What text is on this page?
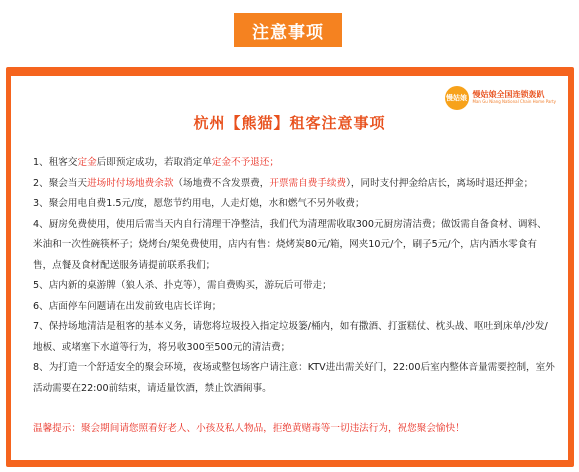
注意事项
慢姑娘 慢姑娘全国连锁轰趴
Man Gu Niang National Chain Home Party
杭州【熊猫】租客注意事项

1、租客交定金后即预定成功，若取消定单定金不予退还；

2、聚会当天进场时付场地费余款（场地费不含发票费，开票需自费手续费），同时支付押金给店长，离场时退还押金；

3、聚会用电自费1.5元/度，愿您节约用电，人走灯熄，水和燃气不另外收费；

4、厨房免费使用，使用后需当天内自行清理干净整洁，我们代为清理需收取300元厨房清洁费；做饭需自备食材、调料、米油和一次性碗筷杯子；烧烤台/架免费使用，店内有售：烧烤炭80元/箱，网夹10元/个，刷子5元/个，店内酒水零食有售，点餐及食材配送服务请提前联系我们；

5、店内新的桌游牌（狼人杀、扑克等），需自费购买，游玩后可带走；

6、店面停车问题请在出发前致电店长详询；

7、保持场地清洁是租客的基本义务，请您将垃圾投入指定垃圾篓/桶内，如有撒酒、打蛋糕仗、枕头战、呕吐到床单/沙发/地板、或堵塞下水道等行为，将另收300至500元的清洁费；

8、为打造一个舒适安全的聚会环境，夜场或整包场客户请注意：KTV进出需关好门，22:00后室内整体音量需要控制，室外活动需要在22:00前结束，请适量饮酒，禁止饮酒闹事。

温馨提示：聚会期间请您照看好老人、小孩及私人物品，拒绝黄赌毒等一切违法行为，祝您聚会愉快！
